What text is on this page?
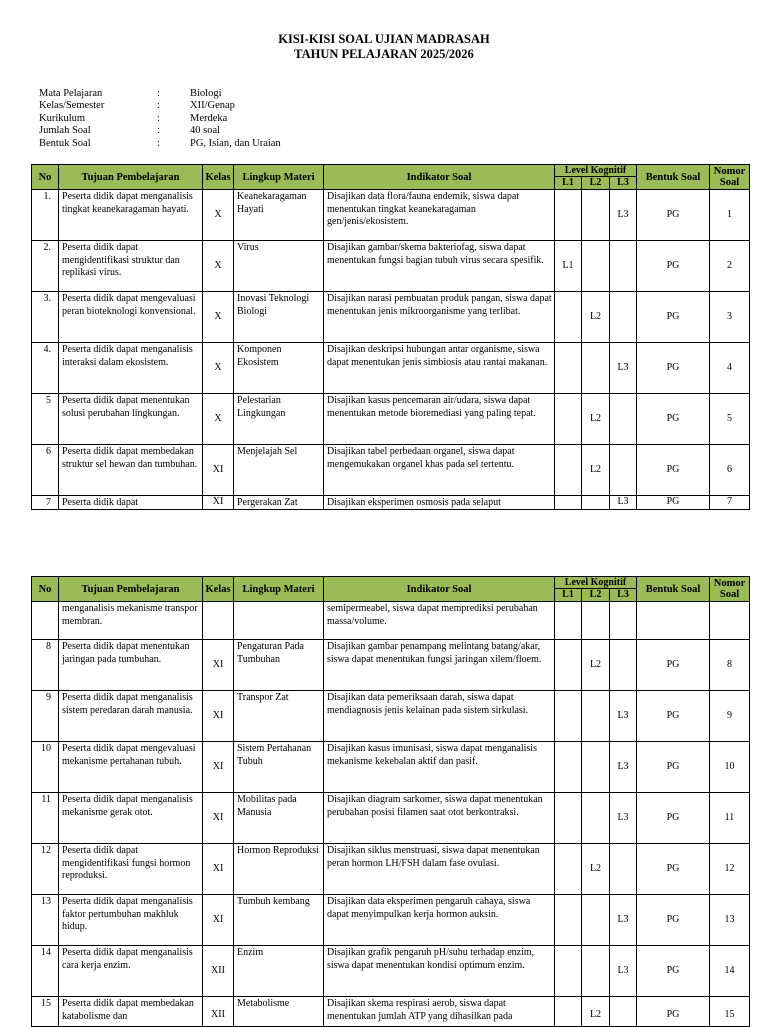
KISI-KISI SOAL UJIAN MADRASAH
TAHUN PELAJARAN 2025/2026
Mata Pelajaran	:	Biologi
Kelas/Semester	:	XII/Genap
Kurikulum	:	Merdeka
Jumlah Soal	:	40 soal
Bentuk Soal	:	PG, Isian, dan Uraian
No	Tujuan Pembelajaran	Kelas	Lingkup Materi	Indikator Soal	Level Kognitif			Bentuk Soal	Nomor Soal
					L1	L2	L3		
1.	Peserta didik dapat menganalisis tingkat keanekaragaman hayati.	X	Keanekaragaman Hayati	Disajikan data flora/fauna endemik, siswa dapat menentukan tingkat keanekaragaman gen/jenis/ekosistem.			L3	PG	1
2.	Peserta didik dapat mengidentifikasi struktur dan replikasi virus.	X	Virus	Disajikan gambar/skema bakteriofag, siswa dapat menentukan fungsi bagian tubuh virus secara spesifik.	L1			PG	2
3.	Peserta didik dapat mengevaluasi peran bioteknologi konvensional.	X	Inovasi Teknologi Biologi	Disajikan narasi pembuatan produk pangan, siswa dapat menentukan jenis mikroorganisme yang terlibat.		L2		PG	3
4.	Peserta didik dapat menganalisis interaksi dalam ekosistem.	X	Komponen Ekosistem	Disajikan deskripsi hubungan antar organisme, siswa dapat menentukan jenis simbiosis atau rantai makanan.			L3	PG	4
5	Peserta didik dapat menentukan solusi perubahan lingkungan.	X	Pelestarian Lingkungan	Disajikan kasus pencemaran air/udara, siswa dapat menentukan metode bioremediasi yang paling tepat.		L2		PG	5
6	Peserta didik dapat membedakan struktur sel hewan dan tumbuhan.	XI	Menjelajah Sel	Disajikan tabel perbedaan organel, siswa dapat mengemukakan organel khas pada sel tertentu.		L2		PG	6
7	Peserta didik dapat	XI	Pergerakan Zat	Disajikan eksperimen osmosis pada selaput			L3	PG	7
No	Tujuan Pembelajaran	Kelas	Lingkup Materi	Indikator Soal	Level Kognitif			Bentuk Soal	Nomor Soal
					L1	L2	L3		
	menganalisis mekanisme transpor membran.			semipermeabel, siswa dapat memprediksi perubahan massa/volume.					
8	Peserta didik dapat menentukan jaringan pada tumbuhan.	XI	Pengaturan Pada Tumbuhan	Disajikan gambar penampang melintang batang/akar, siswa dapat menentukan fungsi jaringan xilem/floem.		L2		PG	8
9	Peserta didik dapat menganalisis sistem peredaran darah manusia.	XI	Transpor Zat	Disajikan data pemeriksaan darah, siswa dapat mendiagnosis jenis kelainan pada sistem sirkulasi.			L3	PG	9
10	Peserta didik dapat mengevaluasi mekanisme pertahanan tubuh.	XI	Sistem Pertahanan Tubuh	Disajikan kasus imunisasi, siswa dapat menganalisis mekanisme kekebalan aktif dan pasif.			L3	PG	10
11	Peserta didik dapat menganalisis mekanisme gerak otot.	XI	Mobilitas pada Manusia	Disajikan diagram sarkomer, siswa dapat menentukan perubahan posisi filamen saat otot berkontraksi.			L3	PG	11
12	Peserta didik dapat mengidentifikasi fungsi hormon reproduksi.	XI	Hormon Reproduksi	Disajikan siklus menstruasi, siswa dapat menentukan peran hormon LH/FSH dalam fase ovulasi.		L2		PG	12
13	Peserta didik dapat menganalisis faktor pertumbuhan makhluk hidup.	XI	Tumbuh kembang	Disajikan data eksperimen pengaruh cahaya, siswa dapat menyimpulkan kerja hormon auksin.			L3	PG	13
14	Peserta didik dapat menganalisis cara kerja enzim.	XII	Enzim	Disajikan grafik pengaruh pH/suhu terhadap enzim, siswa dapat menentukan kondisi optimum enzim.			L3	PG	14
15	Peserta didik dapat membedakan katabolisme dan	XII	Metabolisme	Disajikan skema respirasi aerob, siswa dapat menentukan jumlah ATP yang dihasilkan pada		L2		PG	15
